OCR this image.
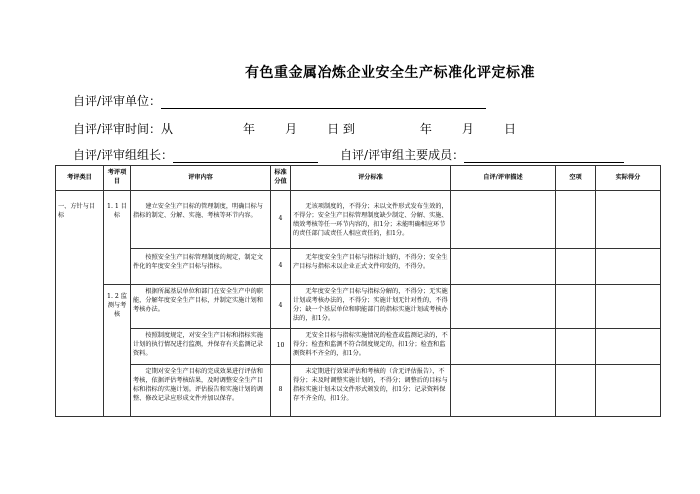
有色重金属冶炼企业安全生产标准化评定标准
自评/评审单位：
自评/评审时间：从	年	月	日 到	年	月	日
自评/评审组组长：	自评/评审组主要成员：
考评类目	考评项目	评审内容	标准分值	评分标准	自评/评审描述	空项	实际得分
一、方针与目标	1. 1 目标	建立安全生产目标的管理制度，明确目标与指标的制定、分解、实施、考核等环节内容。	4	无该项制度的，不得分；未以文件形式发布生效的，不得分；安全生产目标管理制度缺少制定、分解、实施、绩效考核等任一环节内容的，扣1分；未能明确相应环节的责任部门或责任人相应责任的，扣1分。			
		按照安全生产目标管理制度的规定，制定文件化的年度安全生产目标与指标。	4	无年度安全生产目标与指标计划的，不得分；安全生产目标与指标未以企业正式文件印发的，不得分。			
	1. 2 监测与考核	根据所属基层单位和部门在安全生产中的职能，分解年度安全生产目标，并制定实施计划和考核办法。	4	无年度安全生产目标与指标分解的，不得分；无实施计划或考核办法的，不得分；实施计划无针对性的，不得分；缺一个基层单位和职能部门的指标实施计划或考核办法的，扣1分。			
		按照制度规定，对安全生产目标和指标实施计划的执行情况进行监测，并保存有关监测记录资料。	10	无安全目标与指标实施情况的检查或监测记录的，不得分；检查和监测不符合制度规定的，扣1分；检查和监测资料不齐全的，扣1分。			
		定期对安全生产目标的完成效果进行评估和考核，依据评估考核结果，及时调整安全生产目标和指标的实施计划。评估报告和实施计划的调整、修改记录应形成文件并加以保存。	8	未定期进行效果评估和考核的（含无评估报告），不得分；未及时调整实施计划的，不得分；调整后的目标与指标实施计划未以文件形式颁发的，扣1分；记录资料保存不齐全的，扣1分。			
